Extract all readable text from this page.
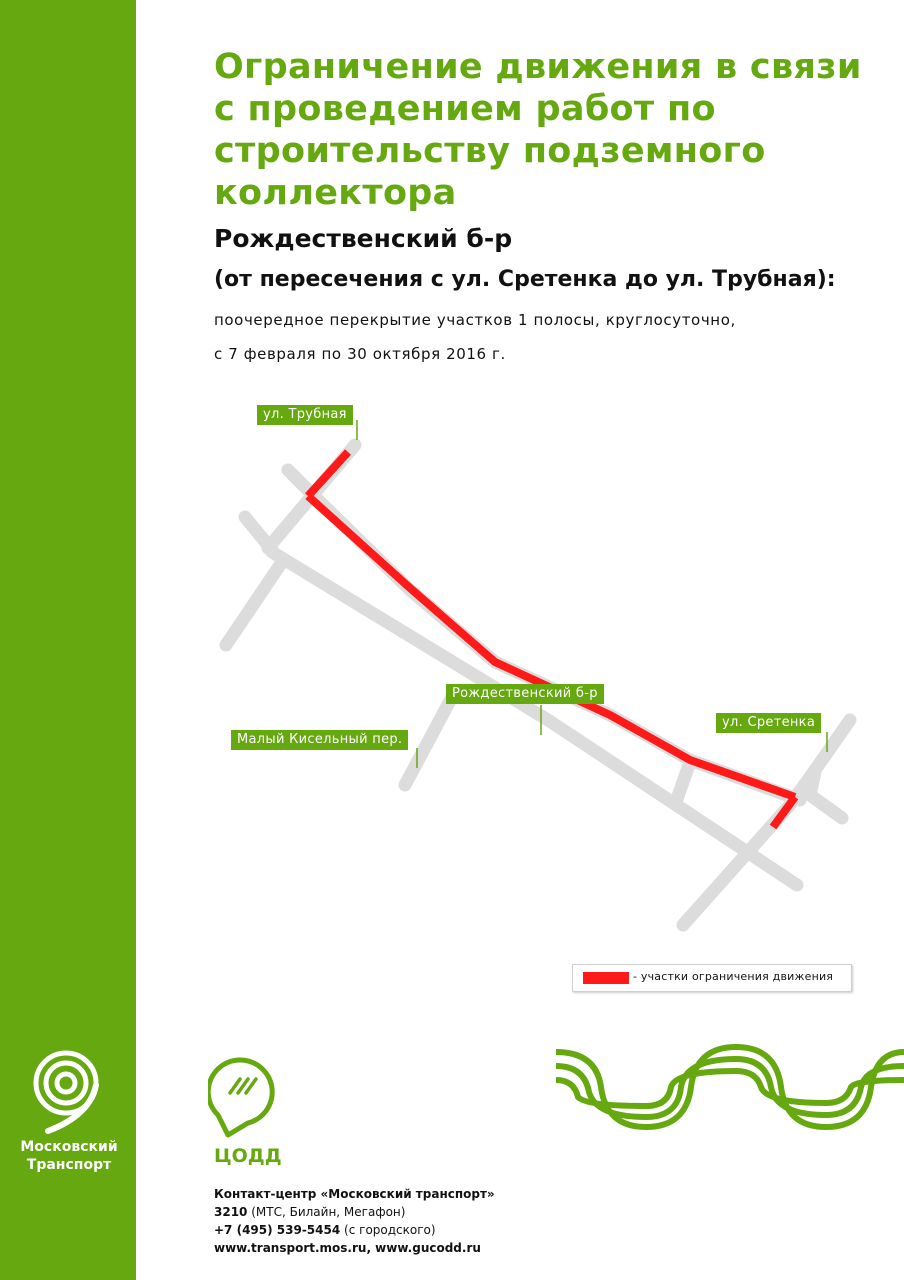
Московский
Транспорт
Ограничение движения в связи
с проведением работ по
строительству подземного
коллектора
Рождественский б-р
(от пересечения с ул. Сретенка до ул. Трубная):
поочередное перекрытие участков 1 полосы, круглосуточно,
с 7 февраля по 30 октября 2016 г.
ул. Трубная
Рождественский б-р
Малый Кисельный пер.
ул. Сретенка
- участки ограничения движения
ЦОДД
Контакт-центр «Московский транспорт»
3210 (МТС, Билайн, Мегафон)
+7 (495) 539-5454 (с городского)
www.transport.mos.ru, www.gucodd.ru
